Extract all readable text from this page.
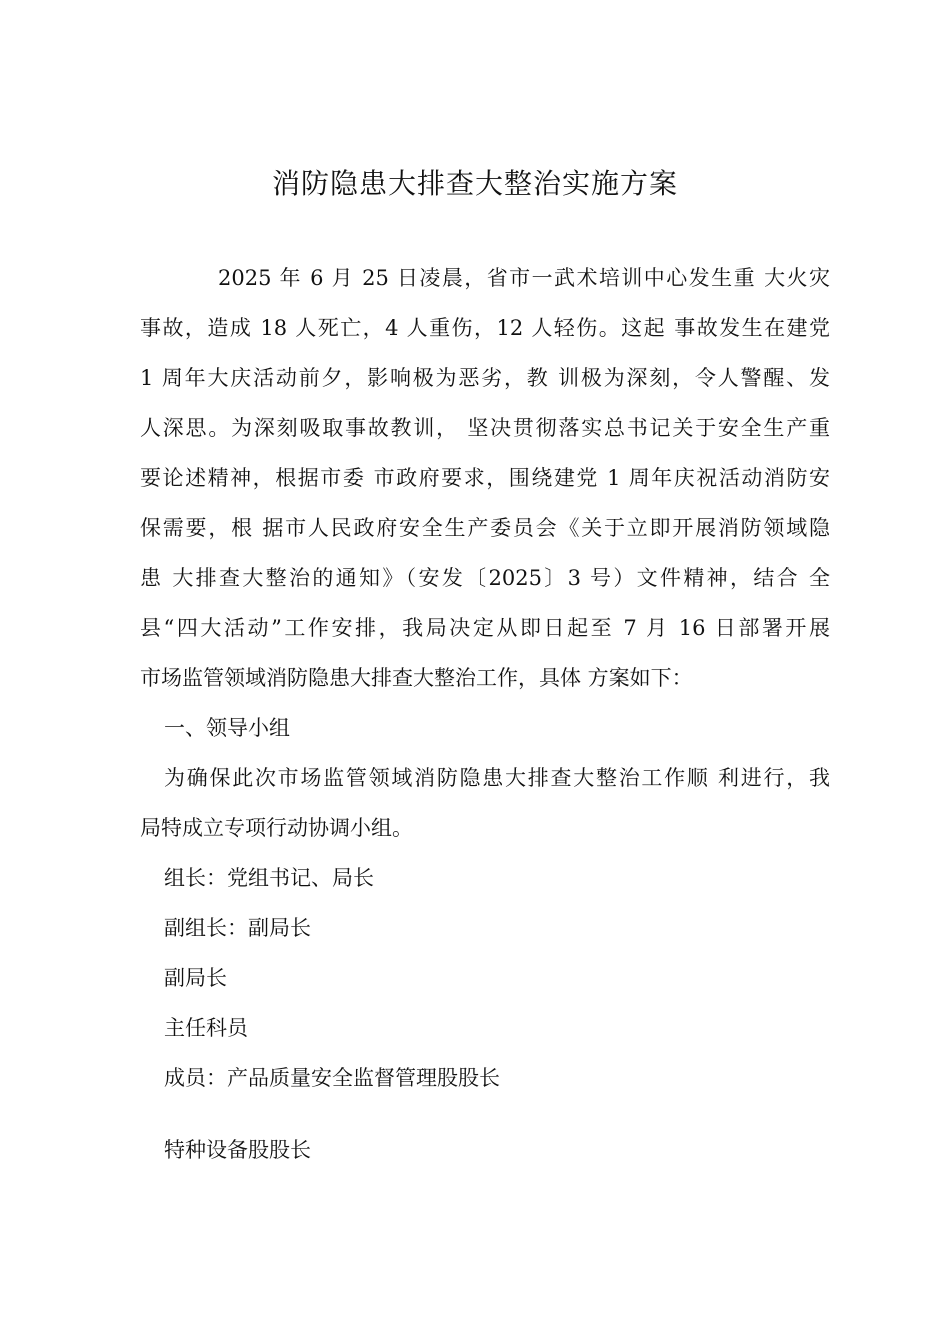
消防隐患大排查大整治实施方案
2025 年 6 月 25 日凌晨，省市一武术培训中心发生重 大火灾
事故，造成 18 人死亡，4 人重伤，12 人轻伤。这起 事故发生在建党
1 周年大庆活动前夕，影响极为恶劣，教 训极为深刻，令人警醒、发
人深思。为深刻吸取事故教训， 坚决贯彻落实总书记关于安全生产重
要论述精神，根据市委 市政府要求，围绕建党 1 周年庆祝活动消防安
保需要，根 据市人民政府安全生产委员会《关于立即开展消防领域隐
患 大排查大整治的通知》（安发〔2025〕3 号）文件精神，结合 全
县“四大活动”工作安排，我局决定从即日起至 7 月 16 日部署开展
市场监管领域消防隐患大排查大整治工作，具体 方案如下：
一、领导小组
为确保此次市场监管领域消防隐患大排查大整治工作顺 利进行，我
局特成立专项行动协调小组。
组长：党组书记、局长
副组长：副局长
副局长
主任科员
成员：产品质量安全监督管理股股长
特种设备股股长
